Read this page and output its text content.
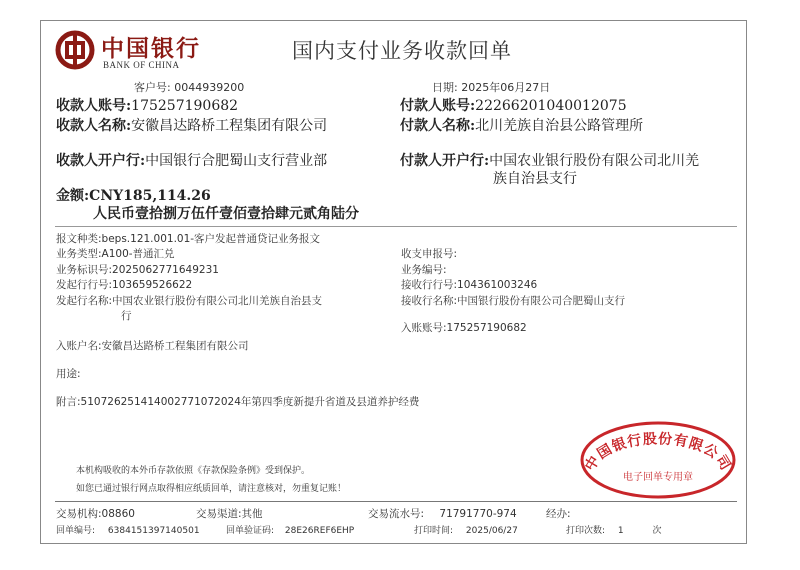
中国银行
BANK OF CHINA
国内支付业务收款回单
客户号: 0044939200	日期: 2025年06月27日
收款人账号:175257190682	付款人账号:22266201040012075
收款人名称:安徽昌达路桥工程集团有限公司	付款人名称:北川羌族自治县公路管理所
收款人开户行:中国银行合肥蜀山支行营业部	付款人开户行:中国农业银行股份有限公司北川羌
族自治县支行
金额:CNY185,114.26
人民币壹拾捌万伍仟壹佰壹拾肆元贰角陆分
报文种类:beps.121.001.01-客户发起普通贷记业务报文
业务类型:A100-普通汇兑
业务标识号:2025062771649231
发起行行号:103659526622
发起行名称:中国农业银行股份有限公司北川羌族自治县支
行
收支申报号:
业务编号:
接收行行号:104361003246
接收行名称:中国银行股份有限公司合肥蜀山支行
入账账号:175257190682
入账户名:安徽昌达路桥工程集团有限公司
用途:
附言:51072625141400277107202​4年第四季度新提升省道及县道养护经费
本机构吸收的本外币存款依照《存款保险条例》受到保护。
如您已通过银行网点取得相应纸质回单，请注意核对，勿重复记账！
中国银行股份有限公司
电子回单专用章
交易机构:08860	交易渠道:其他	交易流水号: 71791770-974	经办:
回单编号: 6384151397140501	回单验证码: 28E26REF6EHP	打印时间: 2025/06/27	打印次数: 1	次
